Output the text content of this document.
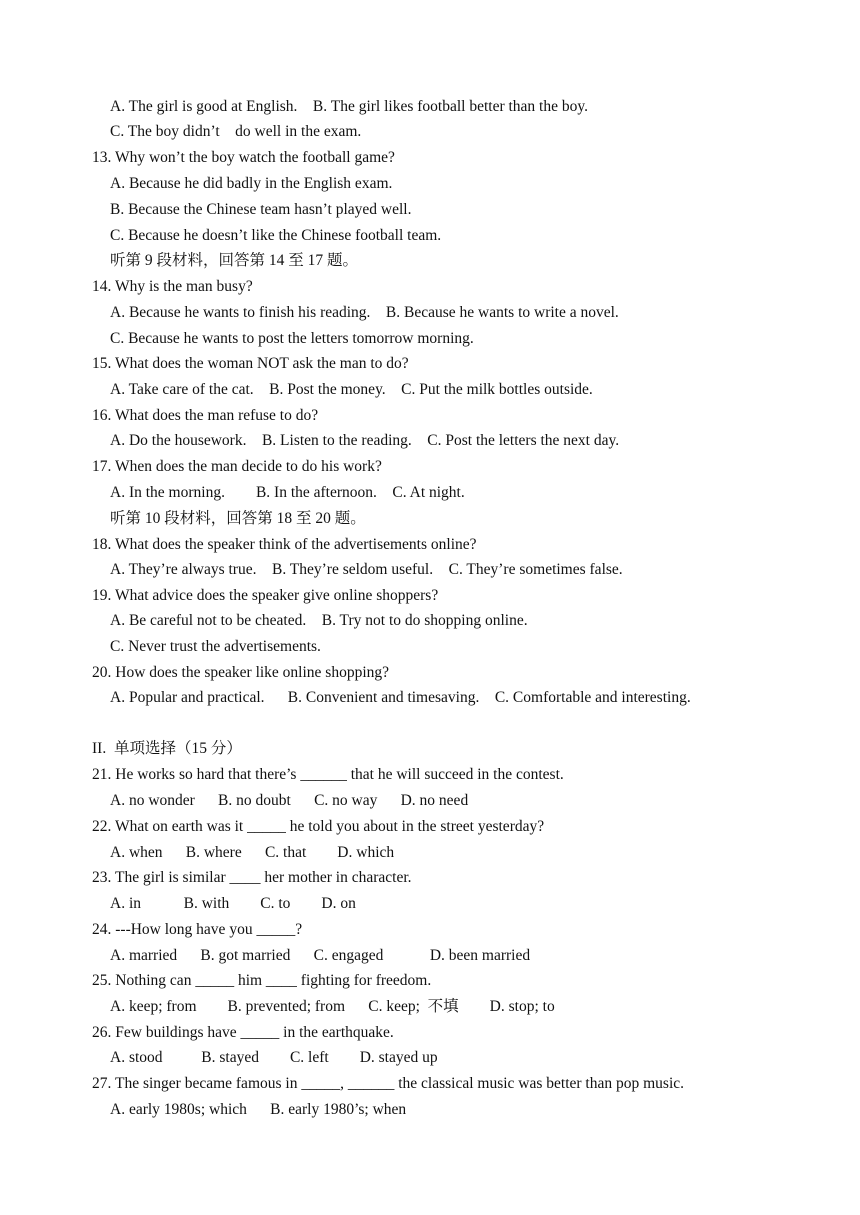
A. The girl is good at English.    B. The girl likes football better than the boy.
C. The boy didn’t    do well in the exam.
13. Why won’t the boy watch the football game?
A. Because he did badly in the English exam.
B. Because the Chinese team hasn’t played well.
C. Because he doesn’t like the Chinese football team.
听第 9 段材料，回答第 14 至 17 题。
14. Why is the man busy?
A. Because he wants to finish his reading.    B. Because he wants to write a novel.
C. Because he wants to post the letters tomorrow morning.
15. What does the woman NOT ask the man to do?
A. Take care of the cat.    B. Post the money.    C. Put the milk bottles outside.
16. What does the man refuse to do?
A. Do the housework.    B. Listen to the reading.    C. Post the letters the next day.
17. When does the man decide to do his work?
A. In the morning.        B. In the afternoon.    C. At night.
听第 10 段材料，回答第 18 至 20 题。
18. What does the speaker think of the advertisements online?
A. They’re always true.    B. They’re seldom useful.    C. They’re sometimes false.
19. What advice does the speaker give online shoppers?
A. Be careful not to be cheated.    B. Try not to do shopping online.
C. Never trust the advertisements.
20. How does the speaker like online shopping?
A. Popular and practical.      B. Convenient and timesaving.    C. Comfortable and interesting.
II.  单项选择（15 分）
21. He works so hard that there’s ______ that he will succeed in the contest.
A. no wonder      B. no doubt      C. no way      D. no need
22. What on earth was it _____ he told you about in the street yesterday?
A. when      B. where      C. that        D. which
23. The girl is similar ____ her mother in character.
A. in           B. with        C. to        D. on
24. ---How long have you _____?
A. married      B. got married      C. engaged            D. been married
25. Nothing can _____ him ____ fighting for freedom.
A. keep; from        B. prevented; from      C. keep;  不填        D. stop; to
26. Few buildings have _____ in the earthquake.
A. stood          B. stayed        C. left        D. stayed up
27. The singer became famous in _____, ______ the classical music was better than pop music.
A. early 1980s; which      B. early 1980’s; when
